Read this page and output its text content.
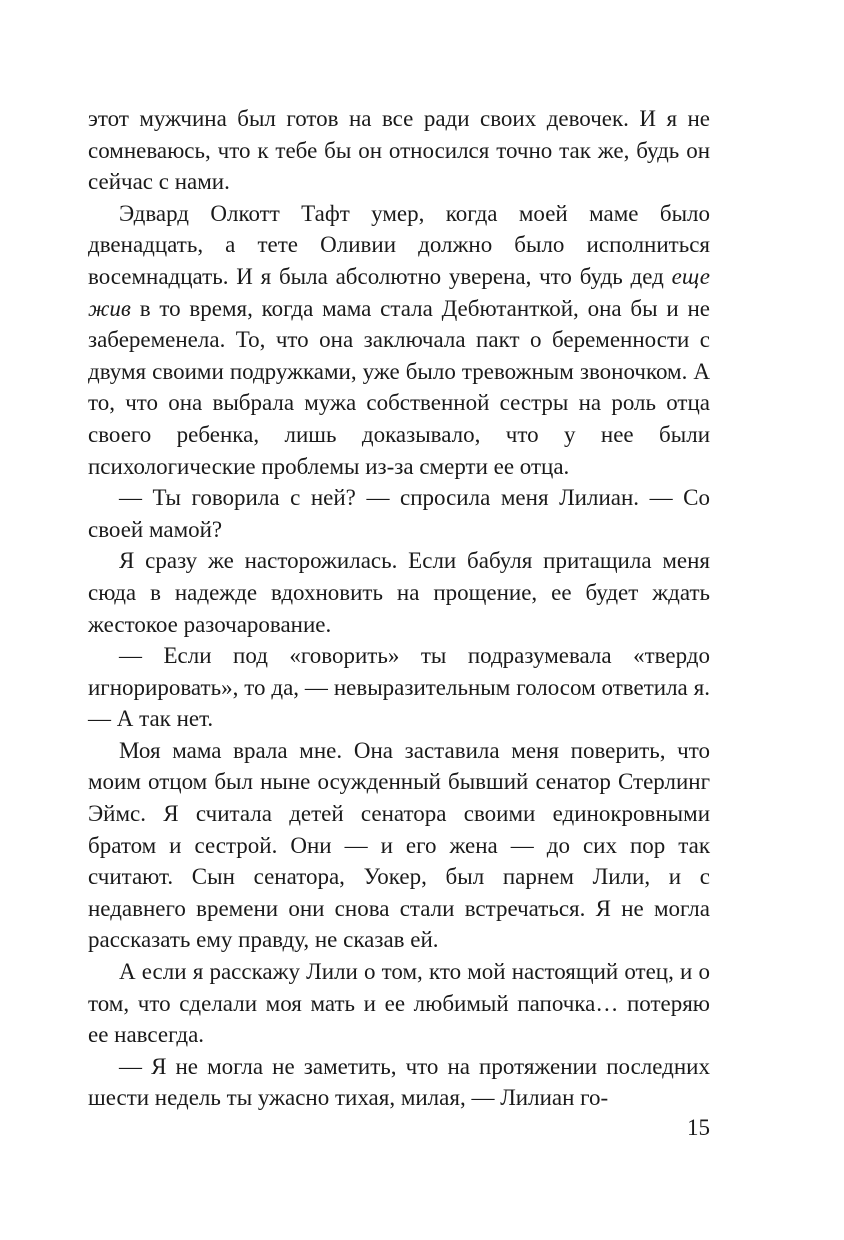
этот мужчина был готов на все ради своих девочек. И я не сомневаюсь, что к тебе бы он относился точно так же, будь он сейчас с нами.

Эдвард Олкотт Тафт умер, когда моей маме было двенадцать, а тете Оливии должно было исполниться восемнадцать. И я была абсолютно уверена, что будь дед еще жив в то время, когда мама стала Дебютанткой, она бы и не забеременела. То, что она заключала пакт о беременности с двумя своими подружками, уже было тревожным звоночком. А то, что она выбрала мужа собственной сестры на роль отца своего ребенка, лишь доказывало, что у нее были психологические проблемы из-за смерти ее отца.

— Ты говорила с ней? — спросила меня Лилиан. — Со своей мамой?

Я сразу же насторожилась. Если бабуля притащила меня сюда в надежде вдохновить на прощение, ее будет ждать жестокое разочарование.

— Если под «говорить» ты подразумевала «твердо игнорировать», то да, — невыразительным голосом ответила я. — А так нет.

Моя мама врала мне. Она заставила меня поверить, что моим отцом был ныне осужденный бывший сенатор Стерлинг Эймс. Я считала детей сенатора своими единокровными братом и сестрой. Они — и его жена — до сих пор так считают. Сын сенатора, Уокер, был парнем Лили, и с недавнего времени они снова стали встречаться. Я не могла рассказать ему правду, не сказав ей.

А если я расскажу Лили о том, кто мой настоящий отец, и о том, что сделали моя мать и ее любимый папочка… потеряю ее навсегда.

— Я не могла не заметить, что на протяжении последних шести недель ты ужасно тихая, милая, — Лилиан го-

15
